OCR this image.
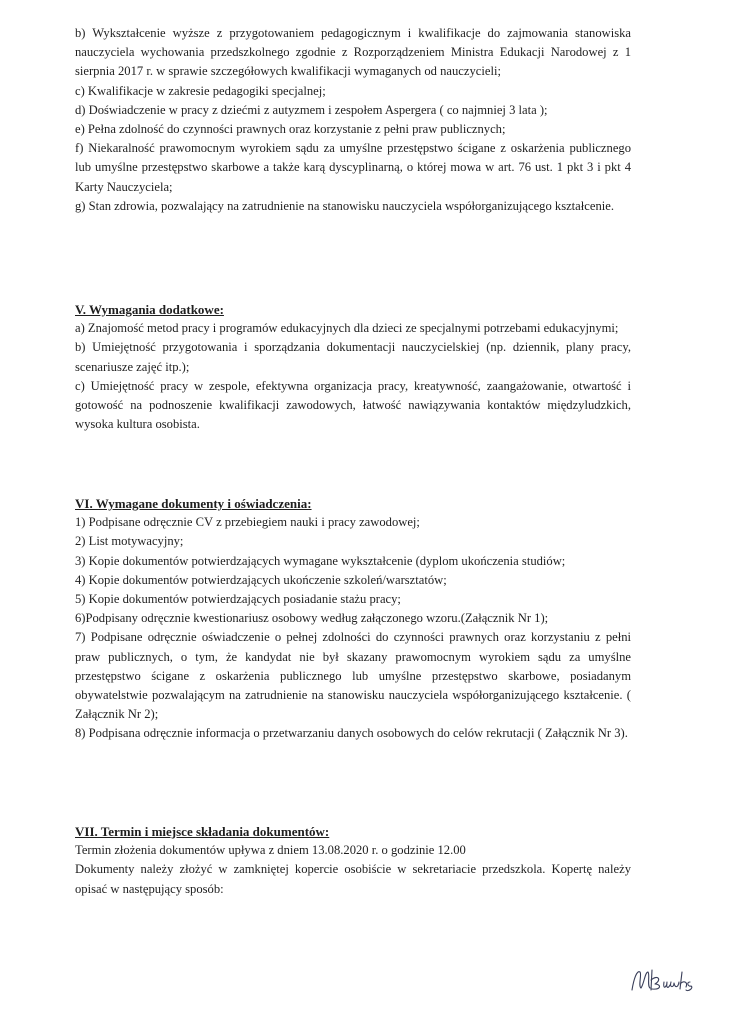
b) Wykształcenie wyższe z przygotowaniem pedagogicznym i kwalifikacje do zajmowania stanowiska nauczyciela wychowania przedszkolnego zgodnie z Rozporządzeniem Ministra Edukacji Narodowej z 1 sierpnia 2017 r. w sprawie szczegółowych kwalifikacji wymaganych od nauczycieli;

c) Kwalifikacje w zakresie pedagogiki specjalnej;

d) Doświadczenie w pracy z dziećmi z autyzmem i zespołem Aspergera ( co najmniej 3 lata );

e) Pełna zdolność do czynności prawnych oraz korzystanie z pełni praw publicznych;

f) Niekaralność prawomocnym wyrokiem sądu za umyślne przestępstwo ścigane z oskarżenia publicznego lub umyślne przestępstwo skarbowe a także karą dyscyplinarną, o której mowa w art. 76 ust. 1 pkt 3 i pkt 4 Karty Nauczyciela;

g) Stan zdrowia, pozwalający na zatrudnienie na stanowisku nauczyciela współorganizującego kształcenie.

V. Wymagania dodatkowe:

a) Znajomość metod pracy i programów edukacyjnych dla dzieci ze specjalnymi potrzebami edukacyjnymi;

b) Umiejętność przygotowania i sporządzania dokumentacji nauczycielskiej (np. dziennik, plany pracy, scenariusze zajęć itp.);

c) Umiejętność pracy w zespole, efektywna organizacja pracy, kreatywność, zaangażowanie, otwartość i gotowość na podnoszenie kwalifikacji zawodowych, łatwość nawiązywania kontaktów międzyludzkich, wysoka kultura osobista.

VI. Wymagane dokumenty i oświadczenia:

1) Podpisane odręcznie CV z przebiegiem nauki i pracy zawodowej;

2) List motywacyjny;

3) Kopie dokumentów potwierdzających wymagane wykształcenie (dyplom ukończenia studiów;

4) Kopie dokumentów potwierdzających ukończenie szkoleń/warsztatów;

5) Kopie dokumentów potwierdzających posiadanie stażu pracy;

6)Podpisany odręcznie kwestionariusz osobowy według załączonego wzoru.(Załącznik Nr 1);

7) Podpisane odręcznie oświadczenie o pełnej zdolności do czynności prawnych oraz korzystaniu z pełni praw publicznych, o tym, że kandydat nie był skazany prawomocnym wyrokiem sądu za umyślne przestępstwo ścigane z oskarżenia publicznego lub umyślne przestępstwo skarbowe, posiadanym obywatelstwie pozwalającym na zatrudnienie na stanowisku nauczyciela współorganizującego kształcenie. ( Załącznik Nr 2);

8) Podpisana odręcznie informacja o przetwarzaniu danych osobowych do celów rekrutacji ( Załącznik Nr 3).

VII. Termin i miejsce składania dokumentów:

Termin złożenia dokumentów upływa z dniem 13.08.2020 r. o godzinie 12.00

Dokumenty należy złożyć w zamkniętej kopercie osobiście w sekretariacie przedszkola. Kopertę należy opisać w następujący sposób:
